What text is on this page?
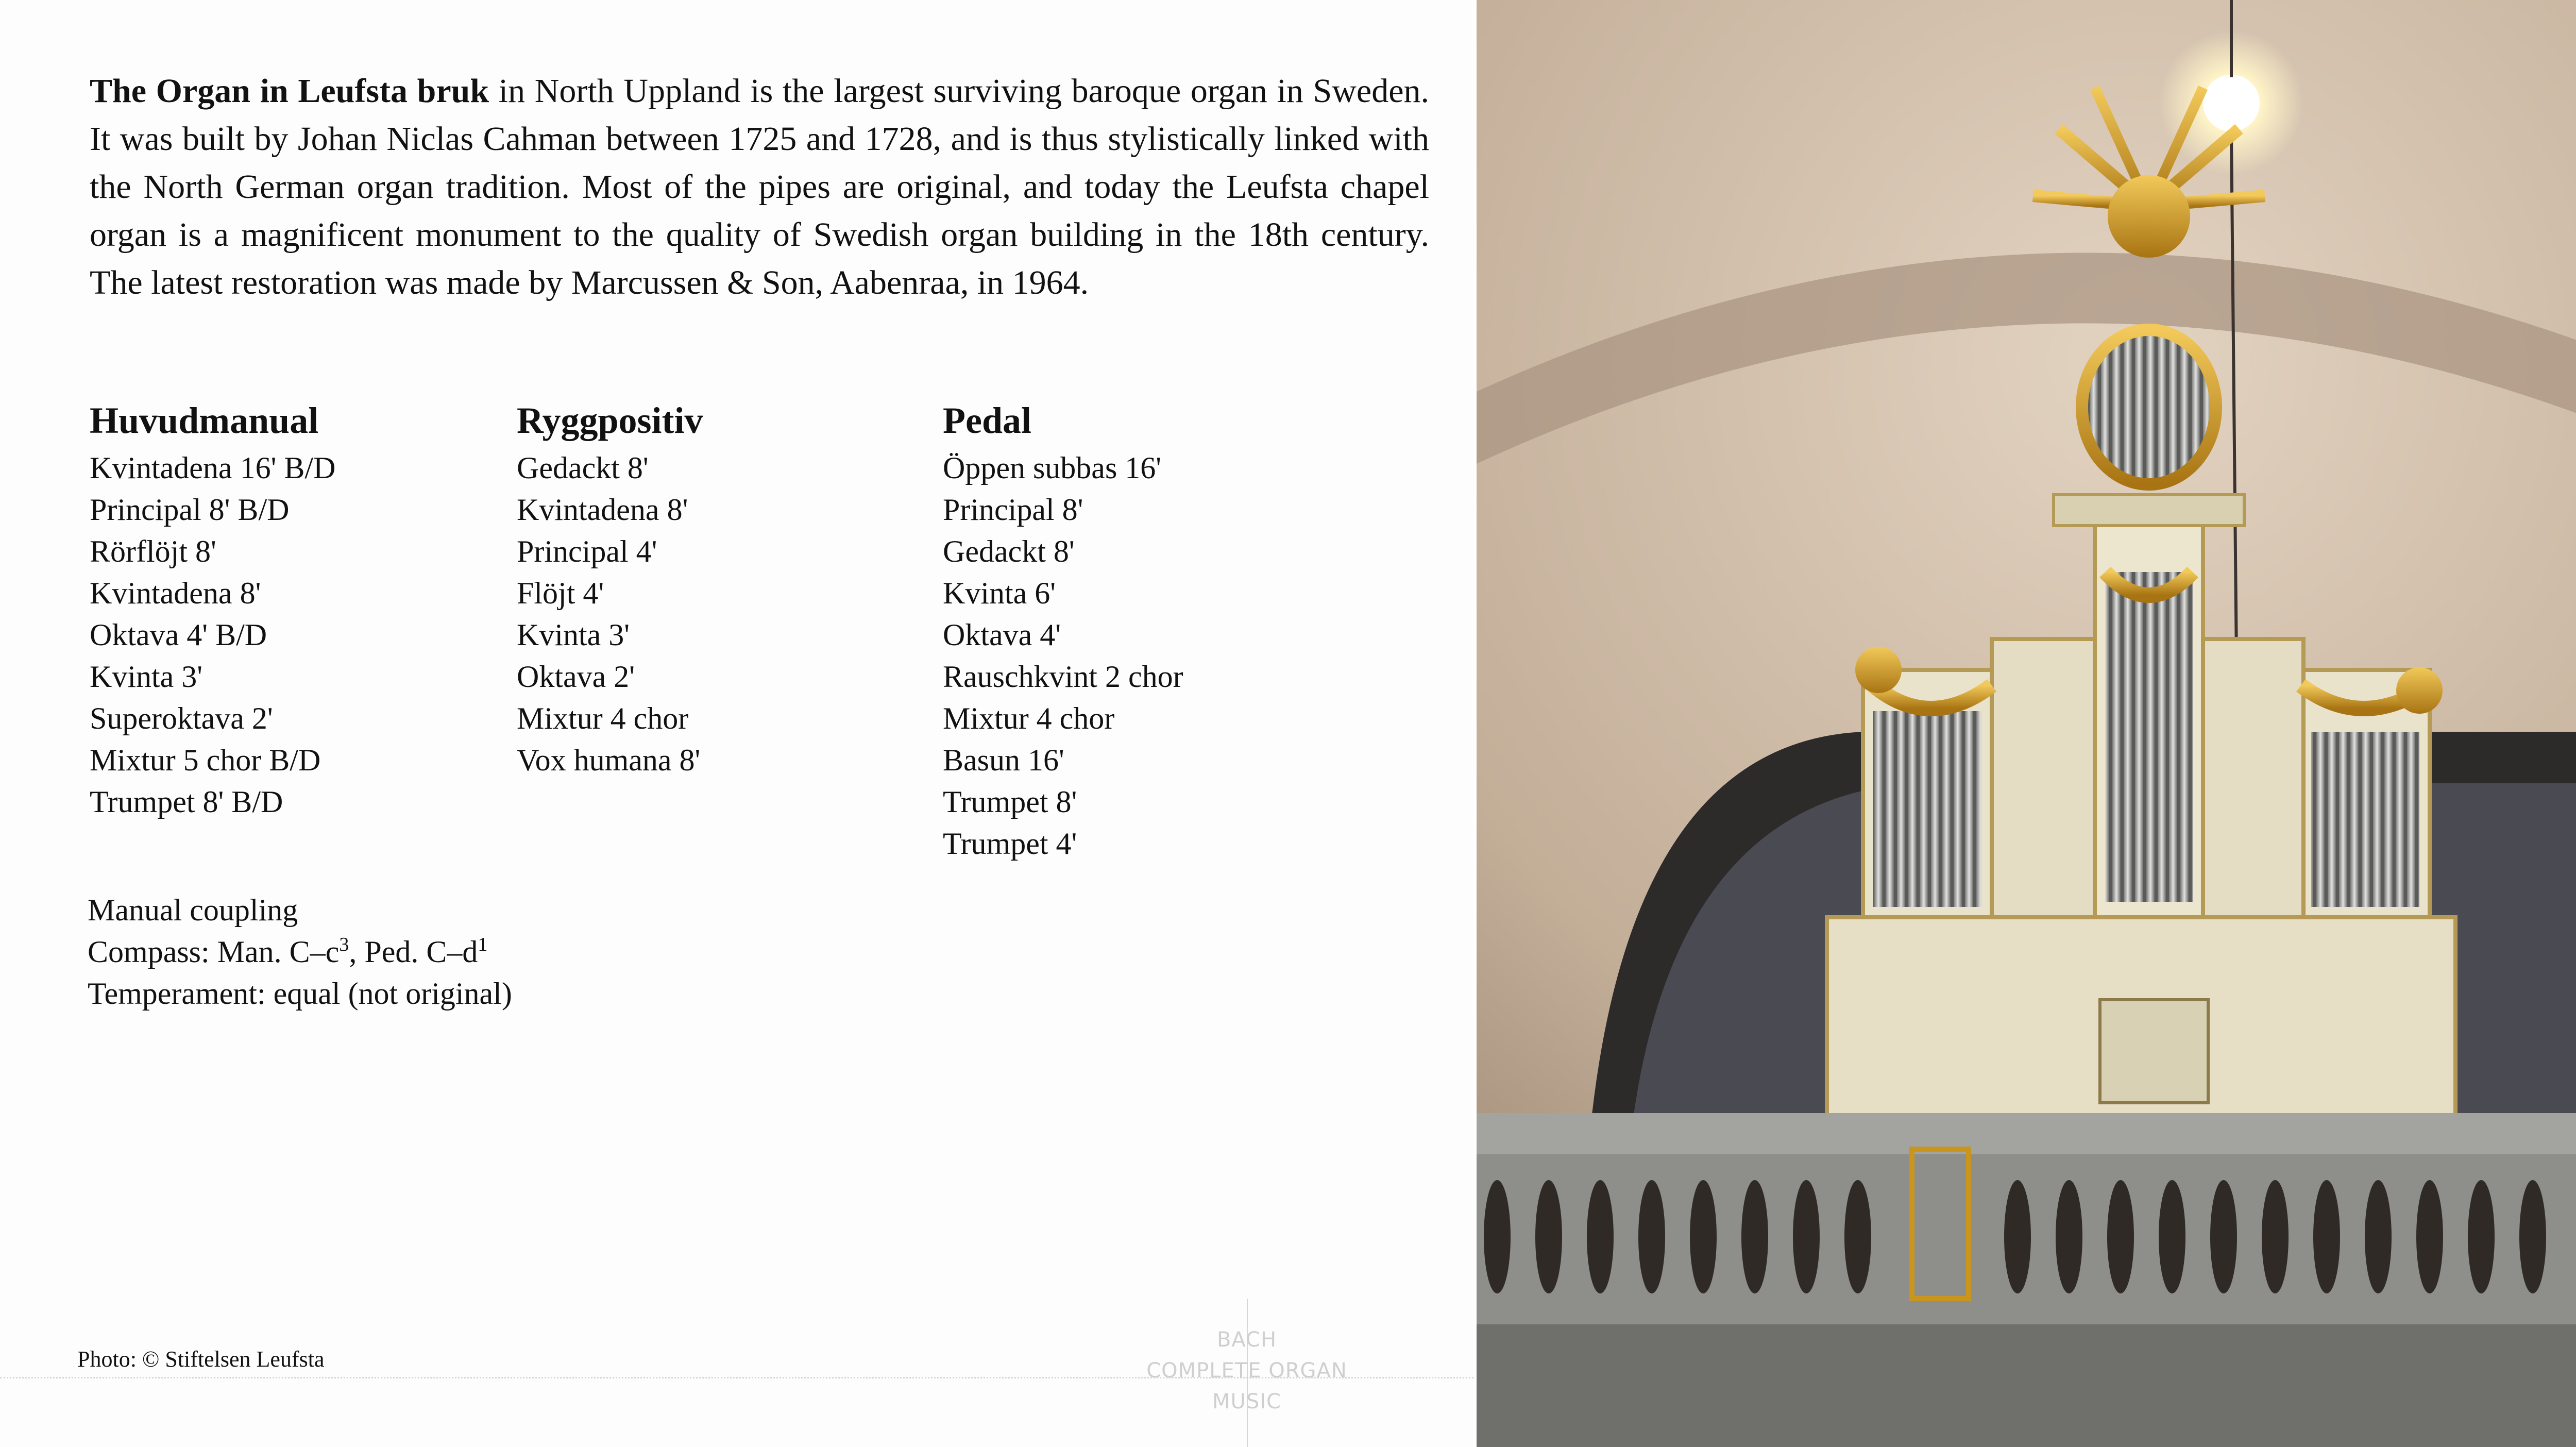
The Organ in Leufsta bruk in North Uppland is the largest surviving baroque organ in Sweden. It was built by Johan Niclas Cahman between 1725 and 1728, and is thus stylistically linked with the North German organ tradition. Most of the pipes are original, and today the Leufsta chapel organ is a magnificent monument to the quality of Swedish organ building in the 18th century. The latest restoration was made by Marcussen & Son, Aabenraa, in 1964.

Huvudmanual
Kvintadena 16' B/D
Principal 8' B/D
Rörflöjt 8'
Kvintadena 8'
Oktava 4' B/D
Kvinta 3'
Superoktava 2'
Mixtur 5 chor B/D
Trumpet 8' B/D
Ryggpositiv
Gedackt 8'
Kvintadena 8'
Principal 4'
Flöjt 4'
Kvinta 3'
Oktava 2'
Mixtur 4 chor
Vox humana 8'
Pedal
Öppen subbas 16'
Principal 8'
Gedackt 8'
Kvinta 6'
Oktava 4'
Rauschkvint 2 chor
Mixtur 4 chor
Basun 16'
Trumpet 8'
Trumpet 4'
Manual coupling
Compass: Man. $C-c^3$, Ped. $C-d^1$
Temperament: equal (not original)
Photo: © Stiftelsen Leufsta
BACH
COMPLETE ORGAN MUSIC
